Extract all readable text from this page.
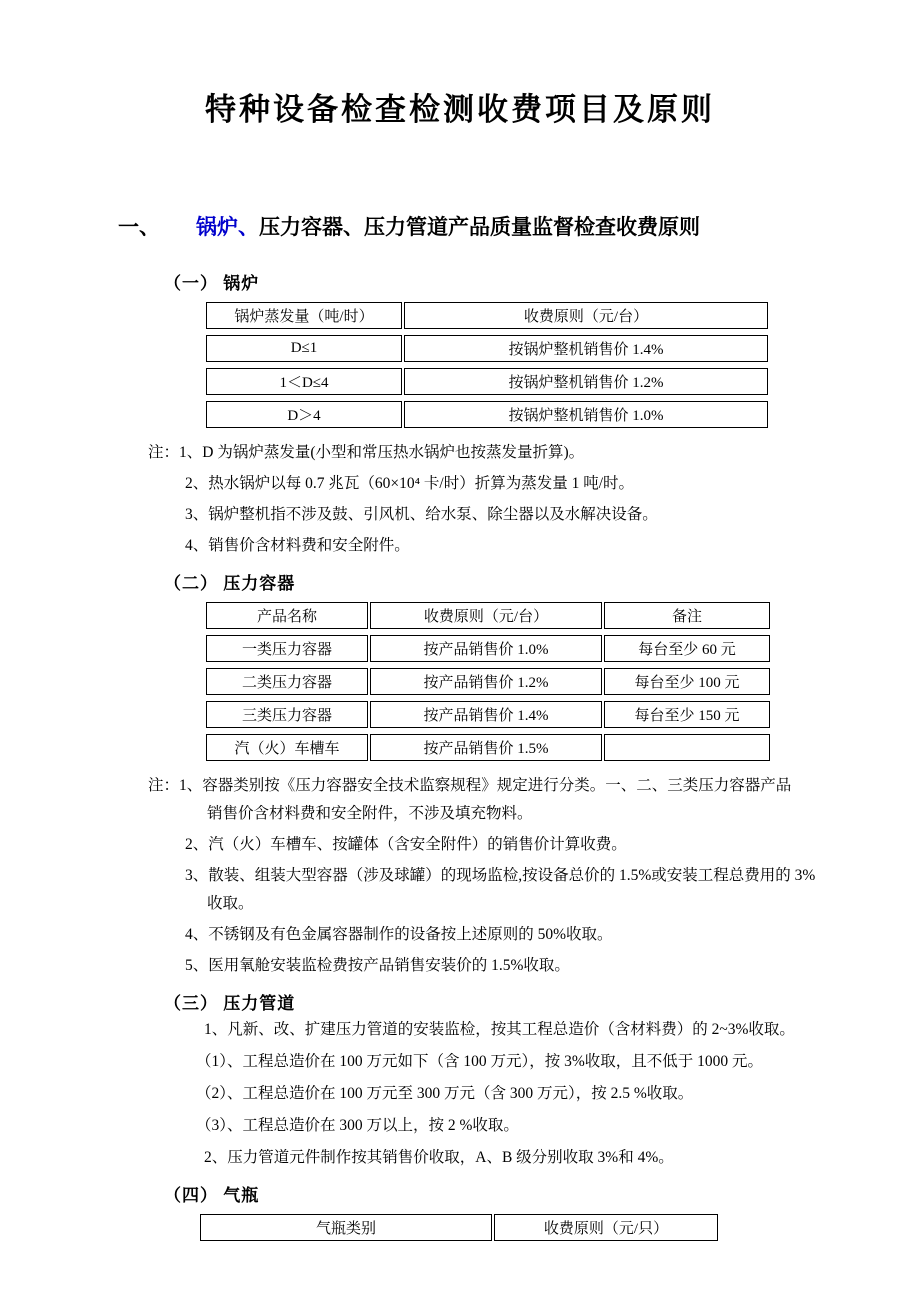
特种设备检查检测收费项目及原则
一、 锅炉、压力容器、压力管道产品质量监督检查收费原则
（一） 锅炉
锅炉蒸发量（吨/时）	收费原则（元/台）
D≤1	按锅炉整机销售价 1.4%
1＜D≤4	按锅炉整机销售价 1.2%
D＞4	按锅炉整机销售价 1.0%

注：1、D 为锅炉蒸发量(小型和常压热水锅炉也按蒸发量折算)。

2、热水锅炉以每 0.7 兆瓦（60×10⁴ 卡/时）折算为蒸发量 1 吨/时。

3、锅炉整机指不涉及鼓、引风机、给水泵、除尘器以及水解决设备。

4、销售价含材料费和安全附件。

（二） 压力容器
产品名称	收费原则（元/台）	备注
一类压力容器	按产品销售价 1.0%	每台至少 60 元
二类压力容器	按产品销售价 1.2%	每台至少 100 元
三类压力容器	按产品销售价 1.4%	每台至少 150 元
汽（火）车槽车	按产品销售价 1.5%	

注：1、容器类别按《压力容器安全技术监察规程》规定进行分类。一、二、三类压力容器产品

销售价含材料费和安全附件，不涉及填充物料。

2、汽（火）车槽车、按罐体（含安全附件）的销售价计算收费。

3、散装、组装大型容器（涉及球罐）的现场监检,按设备总价的 1.5%或安装工程总费用的 3%

收取。

4、不锈钢及有色金属容器制作的设备按上述原则的 50%收取。

5、医用氧舱安装监检费按产品销售安装价的 1.5%收取。

（三） 压力管道

1、凡新、改、扩建压力管道的安装监检，按其工程总造价（含材料费）的 2~3%收取。

（1）、工程总造价在 100 万元如下（含 100 万元），按 3%收取，且不低于 1000 元。

（2）、工程总造价在 100 万元至 300 万元（含 300 万元），按 2.5 %收取。

（3）、工程总造价在 300 万以上，按 2 %收取。

2、压力管道元件制作按其销售价收取，A、B 级分别收取 3%和 4%。

（四） 气瓶
气瓶类别	收费原则（元/只）
